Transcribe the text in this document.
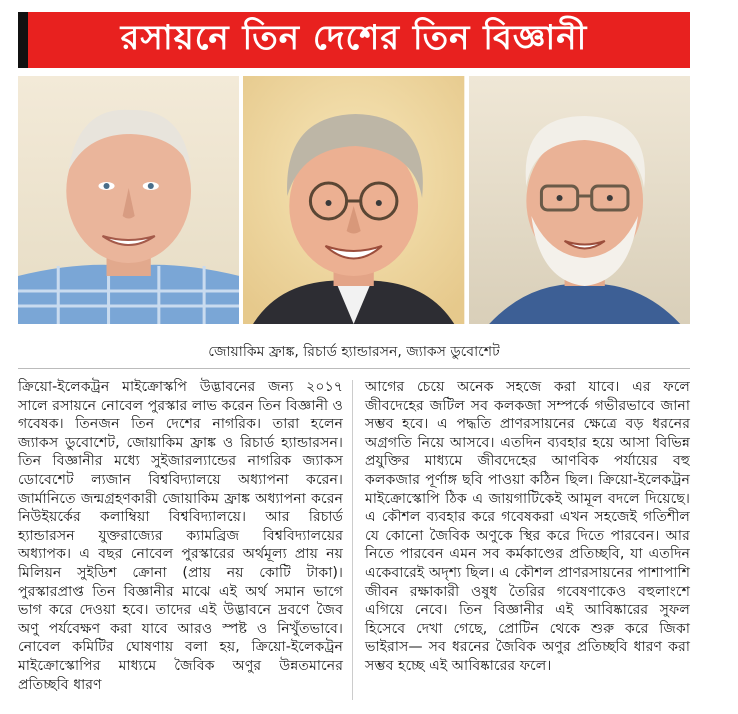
রসায়নে তিন দেশের তিন বিজ্ঞানী
জোয়াকিম ফ্রাঙ্ক, রিচার্ড হ্যান্ডারসন, জ্যাকস ডুবোশেট
ক্রিয়ো-ইলেকট্রন মাইক্রোস্কপি উদ্ভাবনের জন্য ২০১৭ সালে রসায়নে নোবেল পুরস্কার লাভ করেন তিন বিজ্ঞানী ও গবেষক। তিনজন তিন দেশের নাগরিক। তারা হলেন জ্যাকস ডুবোশেট, জোয়াকিম ফ্রাঙ্ক ও রিচার্ড হ্যান্ডারসন। তিন বিজ্ঞানীর মধ্যে সুইজারল্যান্ডের নাগরিক জ্যাকস ডোবেশেট ল্যজান বিশ্ববিদ্যালয়ে অধ্যাপনা করেন। জার্মানিতে জন্মগ্রহণকারী জোয়াকিম ফ্রাঙ্ক অধ্যাপনা করেন নিউইয়র্কের কলাম্বিয়া বিশ্ববিদ্যালয়ে। আর রিচার্ড হ্যান্ডারসন যুক্তরাজ্যের ক্যামব্রিজ বিশ্ববিদ্যালয়ের অধ্যাপক। এ বছর নোবেল পুরস্কারের অর্থমূল্য প্রায় নয় মিলিয়ন সুইডিশ ক্রোনা (প্রায় নয় কোটি টাকা)। পুরস্কারপ্রাপ্ত তিন বিজ্ঞানীর মাঝে এই অর্থ সমান ভাগে ভাগ করে দেওয়া হবে। তাদের এই উদ্ভাবনে দ্রবণে জৈব অণু পর্যবেক্ষণ করা যাবে আরও স্পষ্ট ও নিখুঁতভাবে। নোবেল কমিটির ঘোষণায় বলা হয়, ক্রিয়ো-ইলেকট্রন মাইক্রোস্কোপির মাধ্যমে জৈবিক অণুর উন্নতমানের প্রতিচ্ছবি ধারণ
আগের চেয়ে অনেক সহজে করা যাবে। এর ফলে জীবদেহের জটিল সব কলকজা সম্পর্কে গভীরভাবে জানা সম্ভব হবে। এ পদ্ধতি প্রাণরসায়নের ক্ষেত্রে বড় ধরনের অগ্রগতি নিয়ে আসবে। এতদিন ব্যবহার হয়ে আসা বিভিন্ন প্রযুক্তির মাধ্যমে জীবদেহের আণবিক পর্যায়ের বহু কলকজার পূর্ণাঙ্গ ছবি পাওয়া কঠিন ছিল। ক্রিয়ো-ইলেকট্রন মাইক্রোস্কোপি ঠিক এ জায়গাটিকেই আমূল বদলে দিয়েছে। এ কৌশল ব্যবহার করে গবেষকরা এখন সহজেই গতিশীল যে কোনো জৈবিক অণুকে স্থির করে দিতে পারবেন। আর নিতে পারবেন এমন সব কর্মকাণ্ডের প্রতিচ্ছবি, যা এতদিন একেবারেই অদৃশ্য ছিল। এ কৌশল প্রাণরসায়নের পাশাপাশি জীবন রক্ষাকারী ওষুধ তৈরির গবেষণাকেও বহুলাংশে এগিয়ে নেবে। তিন বিজ্ঞানীর এই আবিষ্কারের সুফল হিসেবে দেখা গেছে, প্রোটিন থেকে শুরু করে জিকা ভাইরাস— সব ধরনের জৈবিক অণুর প্রতিচ্ছবি ধারণ করা সম্ভব হচ্ছে এই আবিষ্কারের ফলে।
